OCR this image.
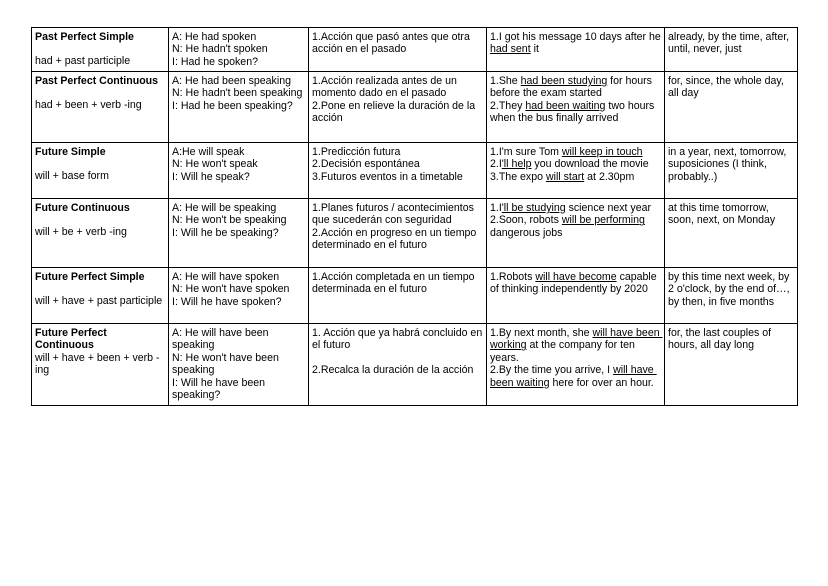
Past Perfect Simple
had + past participle	A: He had spoken
N: He hadn't spoken
I: Had he spoken?	1.Acción que pasó antes que otra acción en el pasado	1.I got his message 10 days after he had sent it	already, by the time, after, until, never, just

Past Perfect Continuous
had + been + verb -ing	A: He had been speaking
N: He hadn't been speaking
I: Had he been speaking?	1.Acción realizada antes de un momento dado en el pasado
2.Pone en relieve la duración de la acción	1.She had been studying for hours before the exam started
2.They had been waiting two hours when the bus finally arrived	for, since, the whole day, all day

Future Simple
will + base form	A:He will speak
N: He won't speak
I: Will he speak?	1.Predicción futura
2.Decisión espontánea
3.Futuros eventos in a timetable	1.I'm sure Tom will keep in touch
2.I'll help you download the movie
3.The expo will start at 2.30pm	in a year, next, tomorrow, suposiciones (I think, probably..)

Future Continuous
will + be + verb -ing	A: He will be speaking
N: He won't be speaking
I: Will he be speaking?	1.Planes futuros / acontecimientos que sucederán con seguridad
2.Acción en progreso en un tiempo determinado en el futuro	1.I'll be studying science next year
2.Soon, robots will be performing dangerous jobs	at this time tomorrow, soon, next, on Monday

Future Perfect Simple
will + have + past participle	A: He will have spoken
N: He won't have spoken
I: Will he have spoken?	1.Acción completada en un tiempo determinada en el futuro	1.Robots will have become capable of thinking independently by 2020	by this time next week, by 2 o'clock, by the end of…, by then, in five months

Future Perfect Continuous
will + have + been + verb -ing	A: He will have been speaking
N: He won't have been speaking
I: Will he have been speaking?	1. Acción que ya habrá concluido en el futuro
2.Recalca la duración de la acción	1.By next month, she will have been working at the company for ten years.
2.By the time you arrive, I will have been waiting here for over an hour.	for, the last couples of hours, all day long
